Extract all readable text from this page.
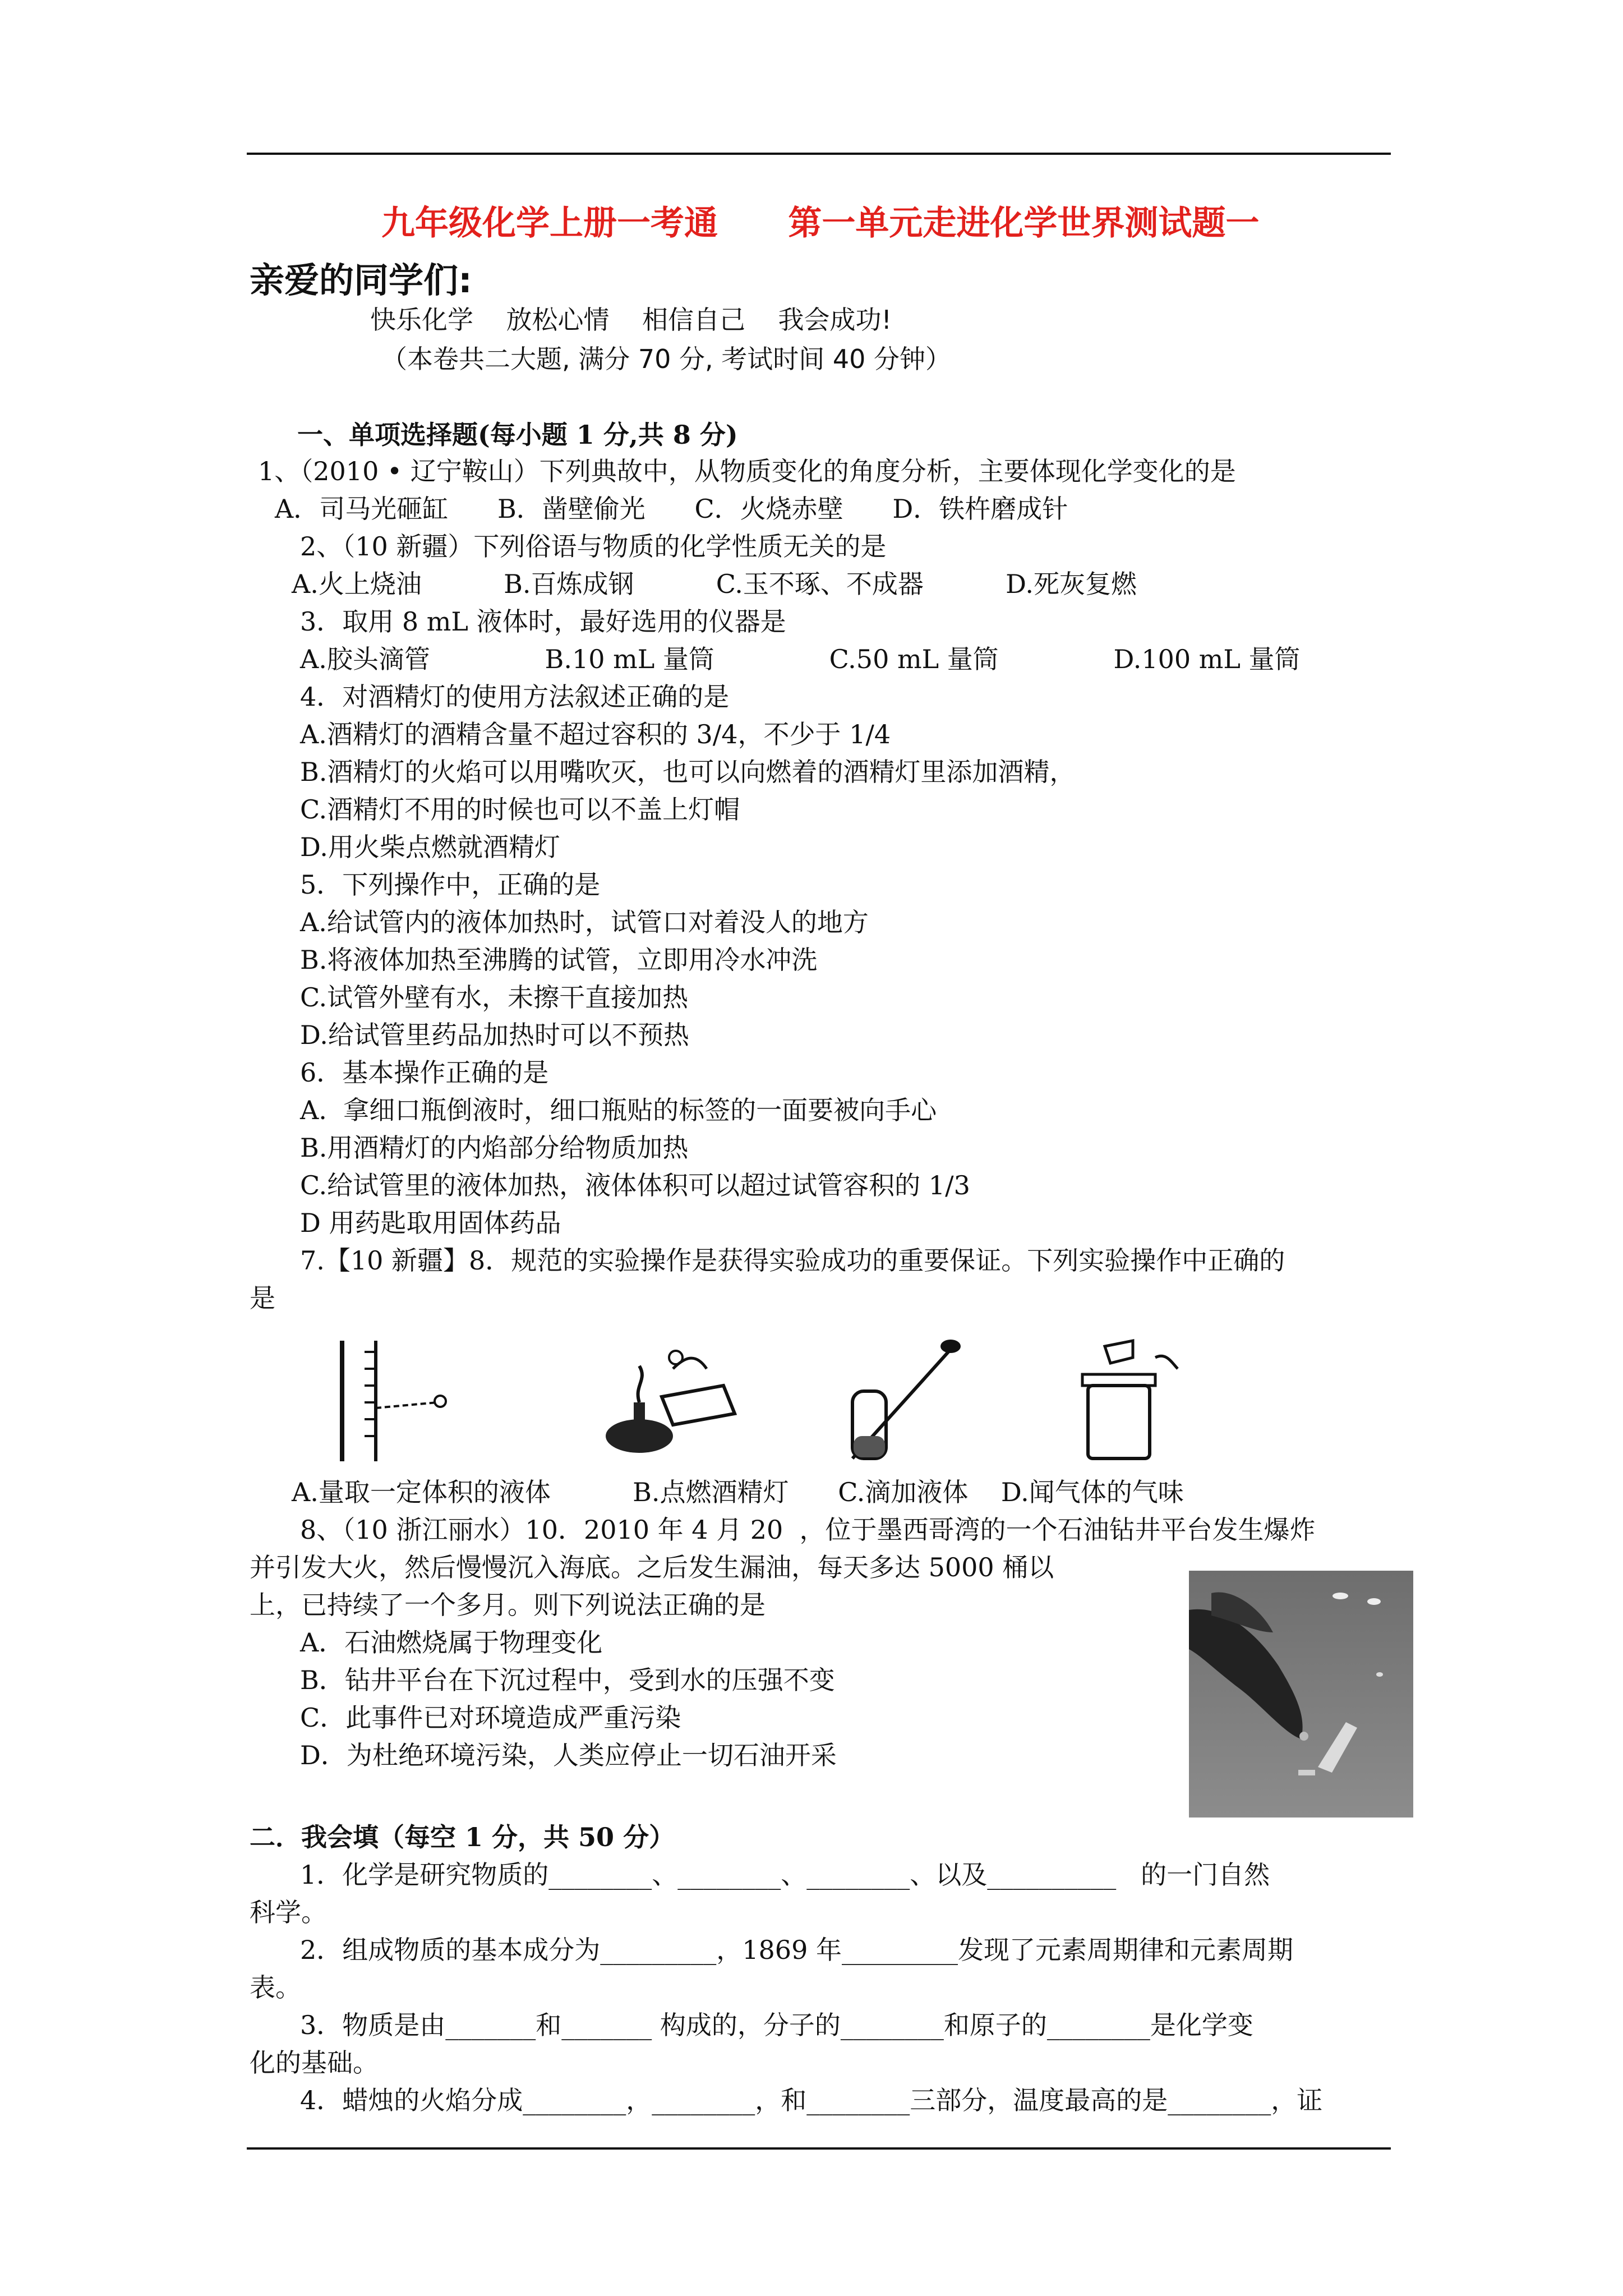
九年级化学上册一考通      第一单元走进化学世界测试题一
亲爱的同学们:
快乐化学    放松心情    相信自己    我会成功!
（本卷共二大题, 满分 70 分, 考试时间 40 分钟）
一、单项选择题(每小题 1 分,共 8 分)
1、（2010 • 辽宁鞍山）下列典故中，从物质变化的角度分析，主要体现化学变化的是
A．司马光砸缸      B．凿壁偷光      C．火烧赤壁      D．铁杵磨成针
2、（10 新疆）下列俗语与物质的化学性质无关的是
A.火上烧油          B.百炼成钢          C.玉不琢、不成器          D.死灰复燃
3．取用 8 mL 液体时，最好选用的仪器是
A.胶头滴管              B.10 mL 量筒              C.50 mL 量筒              D.100 mL 量筒
4．对酒精灯的使用方法叙述正确的是
A.酒精灯的酒精含量不超过容积的 3/4，不少于 1/4
B.酒精灯的火焰可以用嘴吹灭，也可以向燃着的酒精灯里添加酒精，
C.酒精灯不用的时候也可以不盖上灯帽
D.用火柴点燃就酒精灯
5．下列操作中，正确的是
A.给试管内的液体加热时，试管口对着没人的地方
B.将液体加热至沸腾的试管，立即用冷水冲洗
C.试管外壁有水，未擦干直接加热
D.给试管里药品加热时可以不预热
6．基本操作正确的是
A.  拿细口瓶倒液时，细口瓶贴的标签的一面要被向手心
B.用酒精灯的内焰部分给物质加热
C.给试管里的液体加热，液体体积可以超过试管容积的 1/3
D 用药匙取用固体药品
7.【10 新疆】8．规范的实验操作是获得实验成功的重要保证。下列实验操作中正确的
是
A.量取一定体积的液体          B.点燃酒精灯      C.滴加液体    D.闻气体的气味
8、（10 浙江丽水）10．2010 年 4 月 20  ，位于墨西哥湾的一个石油钻井平台发生爆炸
并引发大火，然后慢慢沉入海底。之后发生漏油，每天多达 5000 桶以
上，已持续了一个多月。则下列说法正确的是
A．石油燃烧属于物理变化
B．钻井平台在下沉过程中，受到水的压强不变
C．此事件已对环境造成严重污染
D．为杜绝环境污染，人类应停止一切石油开采
二．我会填（每空 1 分，共 50 分）
1．化学是研究物质的________、________、________、以及__________   的一门自然
科学。
2．组成物质的基本成分为_________，1869 年_________发现了元素周期律和元素周期
表。
3．物质是由_______和_______ 构成的，分子的________和原子的________是化学变
化的基础。
4．蜡烛的火焰分成________，________，和________三部分，温度最高的是________，证
